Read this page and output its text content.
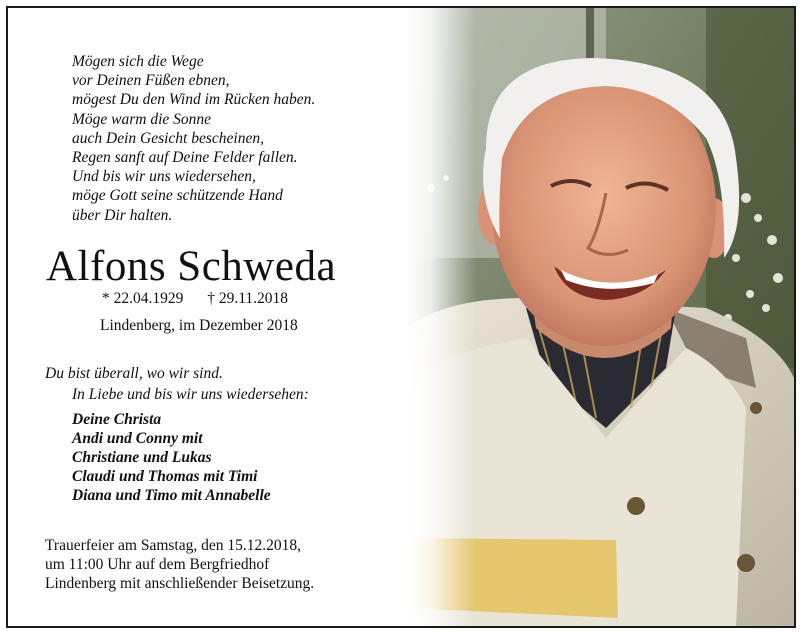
Mögen sich die Wege
vor Deinen Füßen ebnen,
mögest Du den Wind im Rücken haben.
Möge warm die Sonne
auch Dein Gesicht bescheinen,
Regen sanft auf Deine Felder fallen.
Und bis wir uns wiedersehen,
möge Gott seine schützende Hand
über Dir halten.
Alfons Schweda
* 22.04.1929 † 29.11.2018
Lindenberg, im Dezember 2018
Du bist überall, wo wir sind.
In Liebe und bis wir uns wiedersehen:
Deine Christa
Andi und Conny mit
Christiane und Lukas
Claudi und Thomas mit Timi
Diana und Timo mit Annabelle
Trauerfeier am Samstag, den 15.12.2018,
um 11:00 Uhr auf dem Bergfriedhof
Lindenberg mit anschließender Beisetzung.
